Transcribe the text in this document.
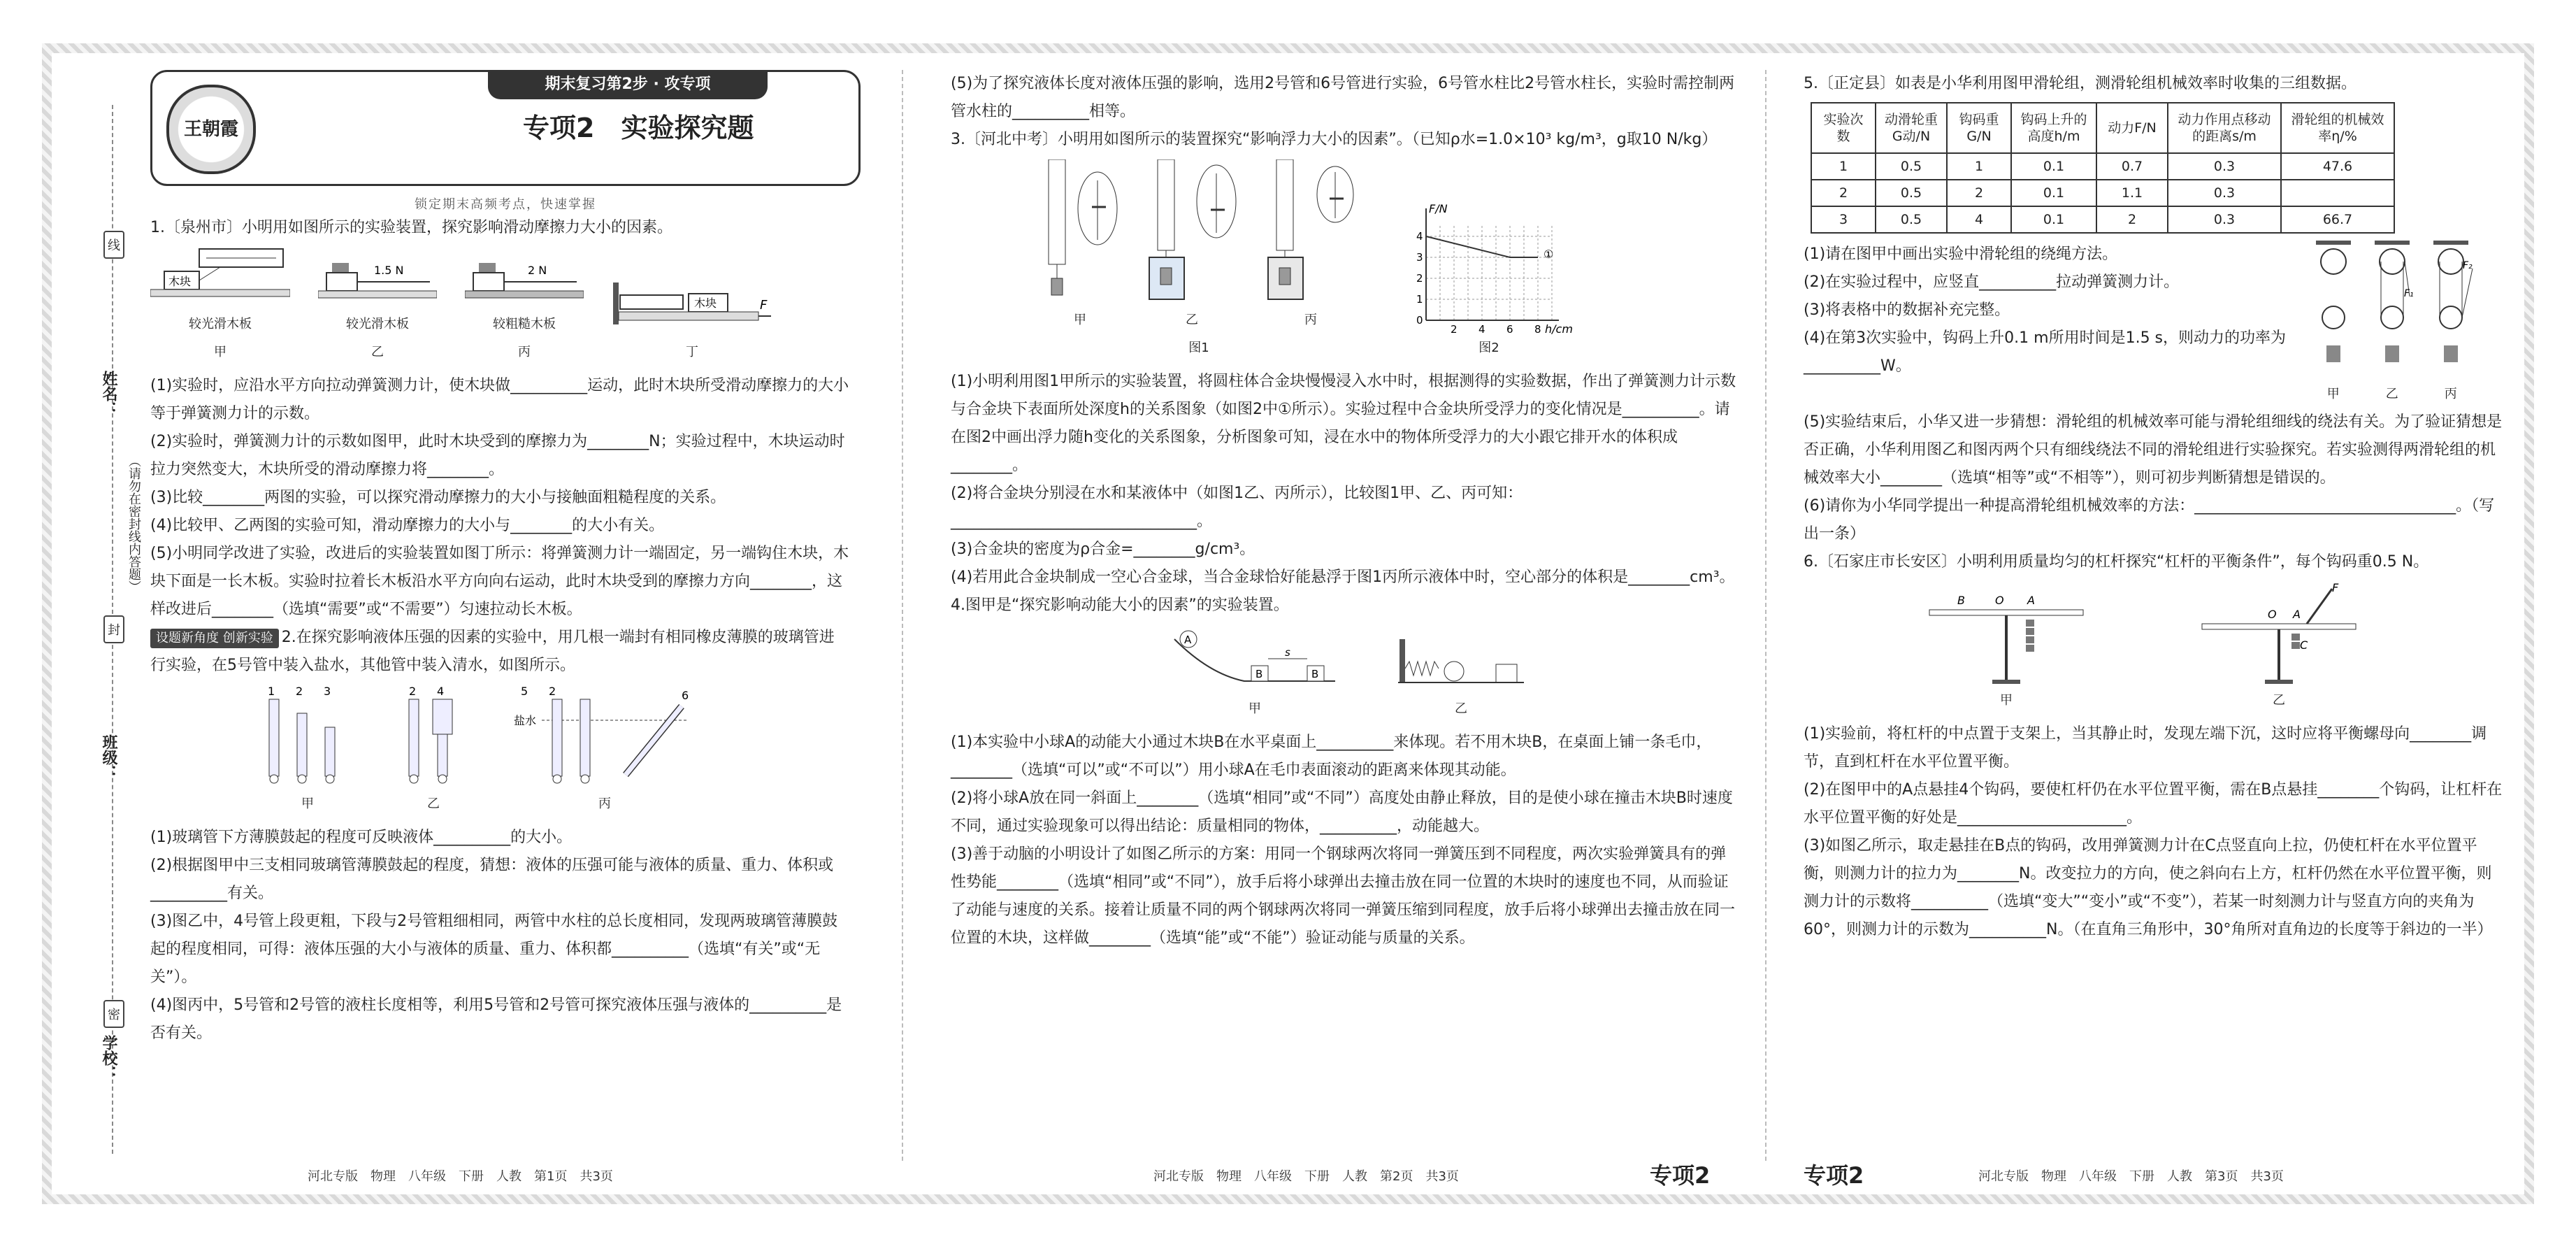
姓名：
班级：
学校：
线
封
密
（请勿在密封线内答题）
王朝霞
期末复习第2步 · 攻专项
专项2　实验探究题
锁定期末高频考点，快速掌握

1.〔泉州市〕小明用如图所示的实验装置，探究影响滑动摩擦力大小的因素。

木块
较光滑木板
甲
1.5 N
较光滑木板
乙
2 N
较粗糙木板
丙
木块	F
丁

(1)实验时，应沿水平方向拉动弹簧测力计，使木块做__________运动，此时木块所受滑动摩擦力的大小等于弹簧测力计的示数。

(2)实验时，弹簧测力计的示数如图甲，此时木块受到的摩擦力为________N；实验过程中，木块运动时拉力突然变大，木块所受的滑动摩擦力将________。

(3)比较________两图的实验，可以探究滑动摩擦力的大小与接触面粗糙程度的关系。

(4)比较甲、乙两图的实验可知，滑动摩擦力的大小与________的大小有关。

(5)小明同学改进了实验，改进后的实验装置如图丁所示：将弹簧测力计一端固定，另一端钩住木块，木块下面是一长木板。实验时拉着长木板沿水平方向向右运动，此时木块受到的摩擦力方向________，这样改进后________（选填“需要”或“不需要”）匀速拉动长木板。

设题新角度 创新实验 2.在探究影响液体压强的因素的实验中，用几根一端封有相同橡皮薄膜的玻璃管进行实验，在5号管中装入盐水，其他管中装入清水，如图所示。

1 2 3
甲
2 4
乙
5 2	6
盐水
丙

(1)玻璃管下方薄膜鼓起的程度可反映液体__________的大小。

(2)根据图甲中三支相同玻璃管薄膜鼓起的程度，猜想：液体的压强可能与液体的质量、重力、体积或__________有关。

(3)图乙中，4号管上段更粗，下段与2号管粗细相同，两管中水柱的总长度相同，发现两玻璃管薄膜鼓起的程度相同，可得：液体压强的大小与液体的质量、重力、体积都__________（选填“有关”或“无关”）。

(4)图丙中，5号管和2号管的液柱长度相等，利用5号管和2号管可探究液体压强与液体的__________是否有关。

河北专版　物理　八年级　下册　人教　第1页　共3页

(5)为了探究液体长度对液体压强的影响，选用2号管和6号管进行实验，6号管水柱比2号管水柱长，实验时需控制两管水柱的__________相等。

3.〔河北中考〕小明用如图所示的装置探究“影响浮力大小的因素”。（已知ρ水=1.0×10³ kg/m³，g取10 N/kg）

甲	乙	丙
图1
F/N
h/cm
0
1
2
3
4
2 4 6 8
①
图2

(1)小明利用图1甲所示的实验装置，将圆柱体合金块慢慢浸入水中时，根据测得的实验数据，作出了弹簧测力计示数与合金块下表面所处深度h的关系图象（如图2中①所示）。实验过程中合金块所受浮力的变化情况是__________。请在图2中画出浮力随h变化的关系图象，分析图象可知，浸在水中的物体所受浮力的大小跟它排开水的体积成________。

(2)将合金块分别浸在水和某液体中（如图1乙、丙所示），比较图1甲、乙、丙可知：________________________________。

(3)合金块的密度为ρ合金=________g/cm³。

(4)若用此合金块制成一空心合金球，当合金球恰好能悬浮于图1丙所示液体中时，空心部分的体积是________cm³。

4.图甲是“探究影响动能大小的因素”的实验装置。

A
B	B
s
甲	乙

(1)本实验中小球A的动能大小通过木块B在水平桌面上__________来体现。若不用木块B，在桌面上铺一条毛巾，________（选填“可以”或“不可以”）用小球A在毛巾表面滚动的距离来体现其动能。

(2)将小球A放在同一斜面上________（选填“相同”或“不同”）高度处由静止释放，目的是使小球在撞击木块B时速度不同，通过实验现象可以得出结论：质量相同的物体，__________，动能越大。

(3)善于动脑的小明设计了如图乙所示的方案：用同一个钢球两次将同一弹簧压到不同程度，两次实验弹簧具有的弹性势能________（选填“相同”或“不同”），放手后将小球弹出去撞击放在同一位置的木块时的速度也不同，从而验证了动能与速度的关系。接着让质量不同的两个钢球两次将同一弹簧压缩到同程度，放手后将小球弹出去撞击放在同一位置的木块，这样做________（选填“能”或“不能”）验证动能与质量的关系。

河北专版　物理　八年级　下册　人教　第2页　共3页	专项2

5.〔正定县〕如表是小华利用图甲滑轮组，测滑轮组机械效率时收集的三组数据。

实验次数	动滑轮重G动/N	钩码重G/N	钩码上升的高度h/m	动力F/N	动力作用点移动的距离s/m	滑轮组的机械效率η/%
1	0.5	1	0.1	0.7	0.3	47.6
2	0.5	2	0.1	1.1	0.3	
3	0.5	4	0.1	2	0.3	66.7

(1)请在图甲中画出实验中滑轮组的绕绳方法。

(2)在实验过程中，应竖直__________拉动弹簧测力计。

(3)将表格中的数据补充完整。

(4)在第3次实验中，钩码上升0.1 m所用时间是1.5 s，则动力的功率为__________W。

甲
F₁
乙
F₂
丙

(5)实验结束后，小华又进一步猜想：滑轮组的机械效率可能与滑轮组细线的绕法有关。为了验证猜想是否正确，小华利用图乙和图丙两个只有细线绕法不同的滑轮组进行实验探究。若实验测得两滑轮组的机械效率大小________（选填“相等”或“不相等”），则可初步判断猜想是错误的。

(6)请你为小华同学提出一种提高滑轮组机械效率的方法：__________________________________。（写出一条）

6.〔石家庄市长安区〕小明利用质量均匀的杠杆探究“杠杆的平衡条件”，每个钩码重0.5 N。

B	O A
甲
O A
C
F
乙

(1)实验前，将杠杆的中点置于支架上，当其静止时，发现左端下沉，这时应将平衡螺母向________调节，直到杠杆在水平位置平衡。

(2)在图甲中的A点悬挂4个钩码，要使杠杆仍在水平位置平衡，需在B点悬挂________个钩码，让杠杆在水平位置平衡的好处是______________________。

(3)如图乙所示，取走悬挂在B点的钩码，改用弹簧测力计在C点竖直向上拉，仍使杠杆在水平位置平衡，则测力计的拉力为________N。改变拉力的方向，使之斜向右上方，杠杆仍然在水平位置平衡，则测力计的示数将__________（选填“变大”“变小”或“不变”），若某一时刻测力计与竖直方向的夹角为60°，则测力计的示数为__________N。（在直角三角形中，30°角所对直角边的长度等于斜边的一半）

专项2	河北专版　物理　八年级　下册　人教　第3页　共3页
